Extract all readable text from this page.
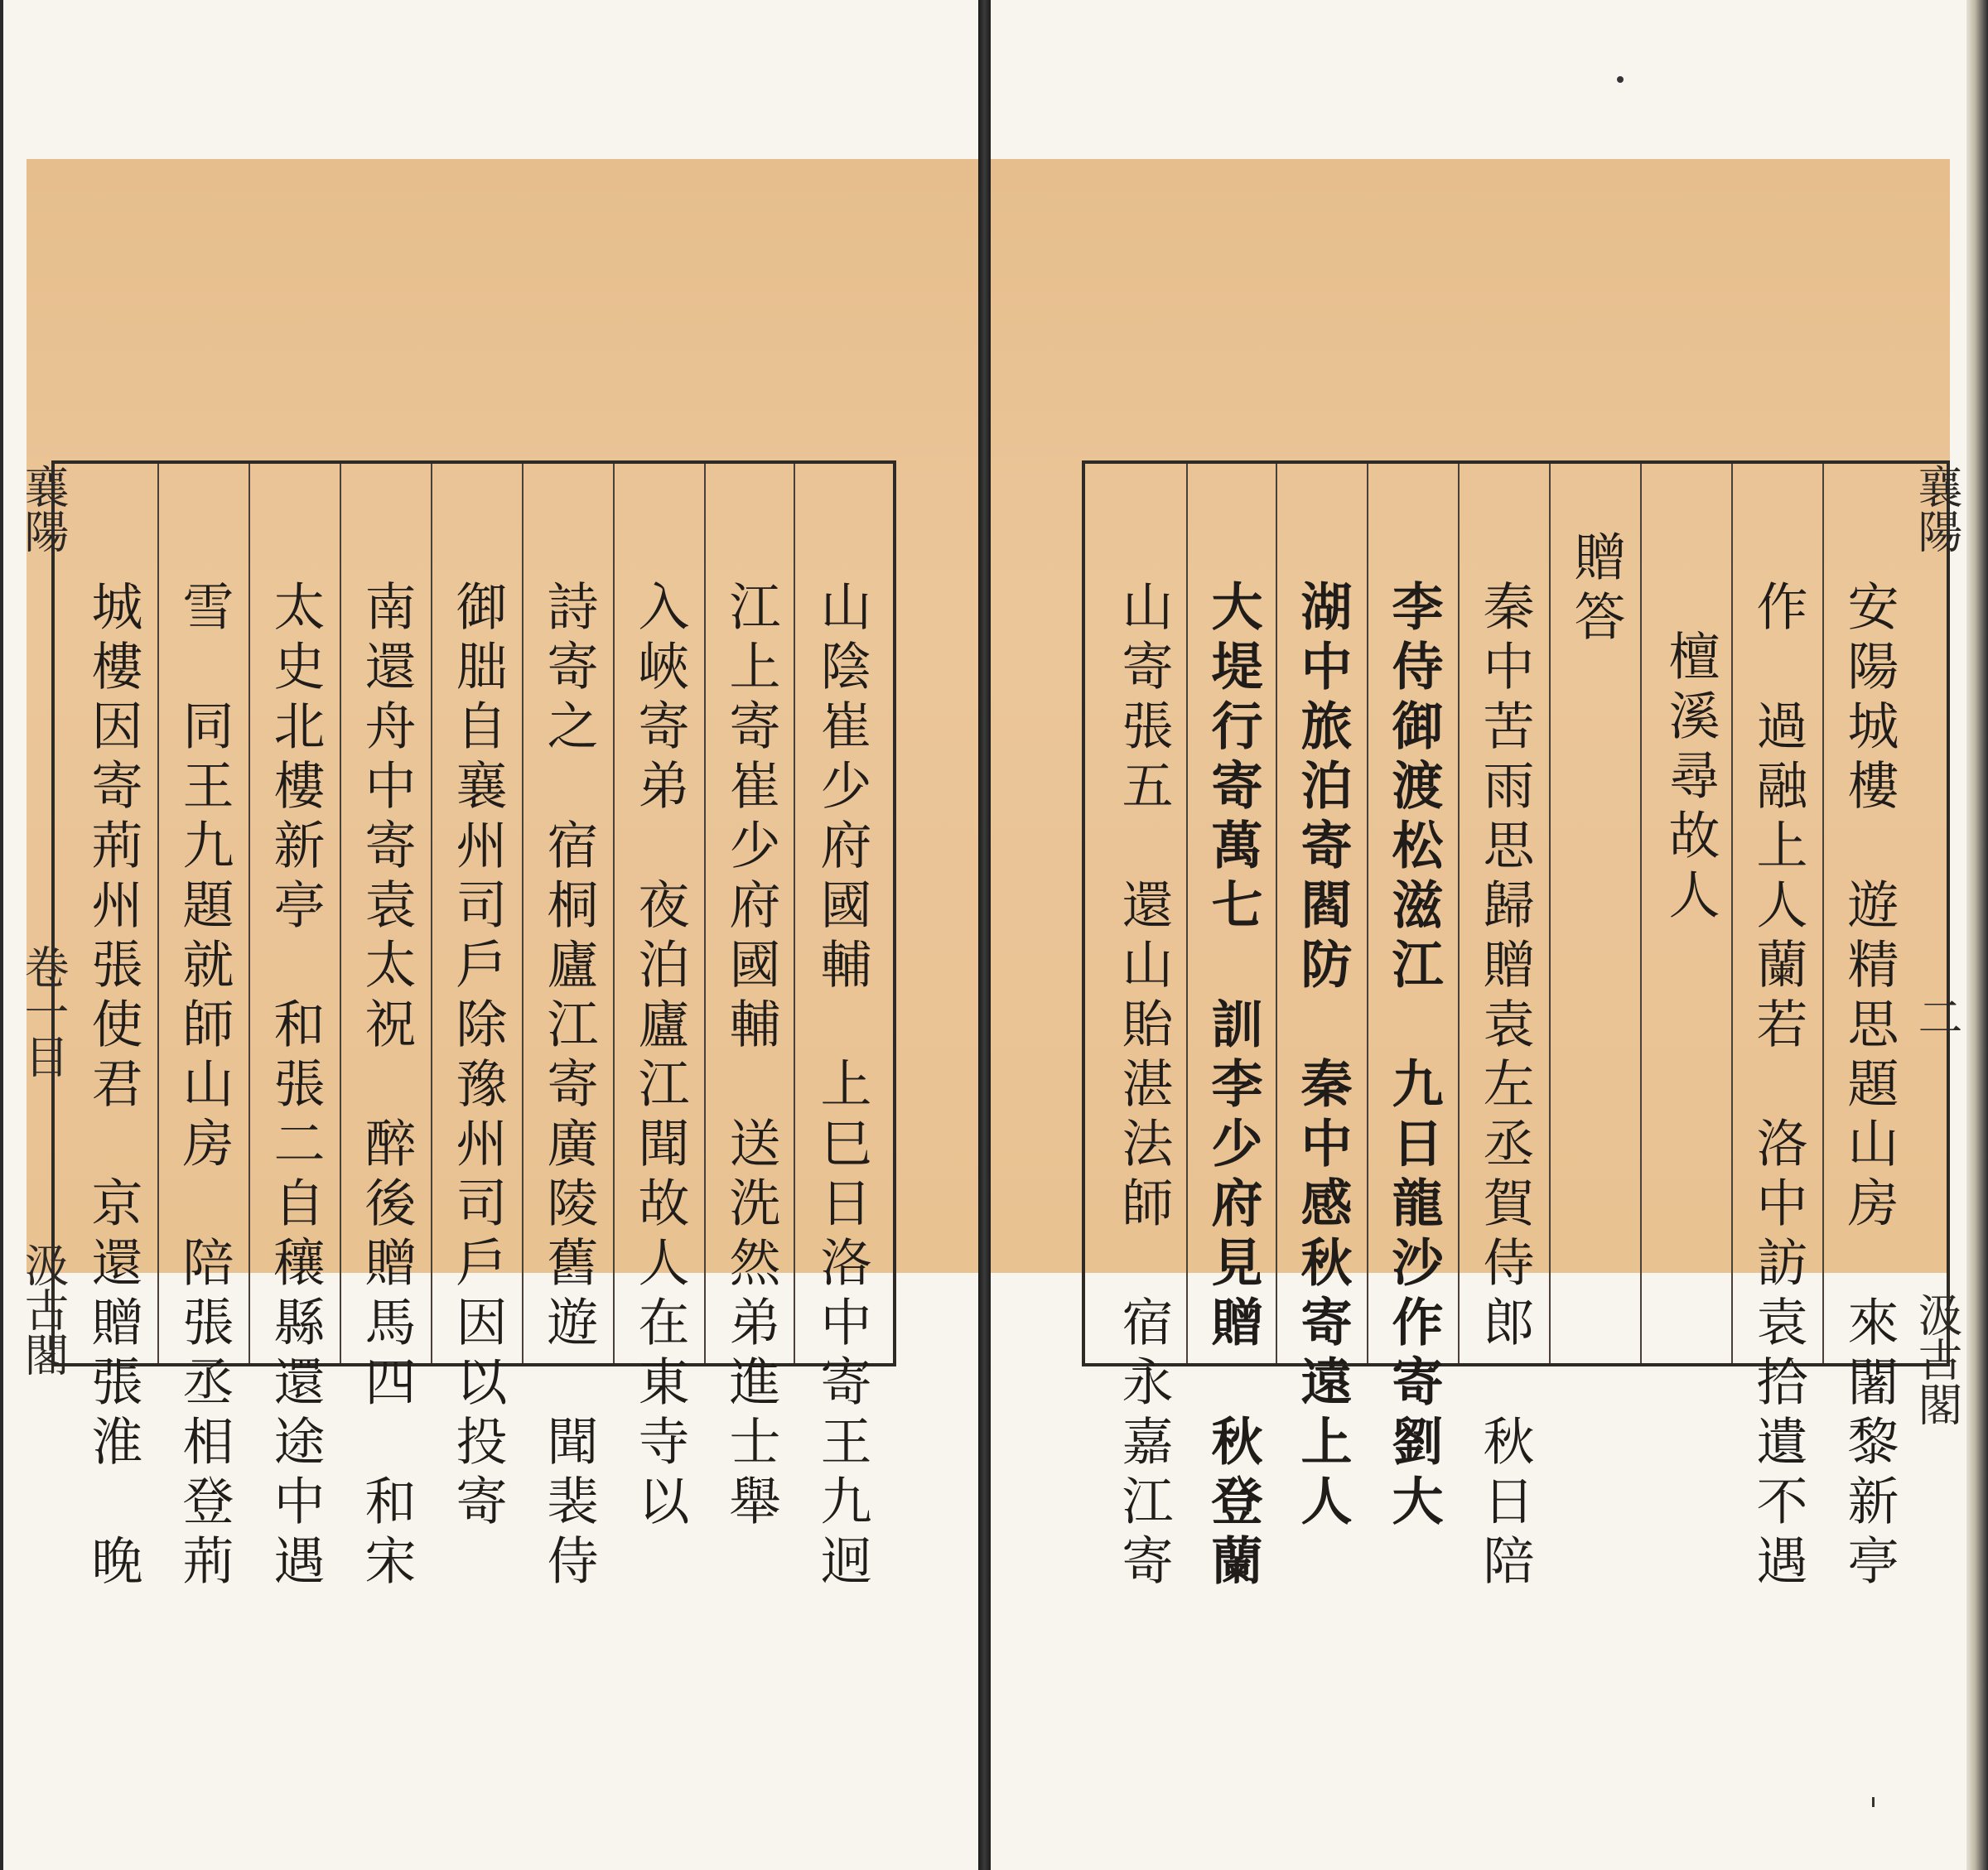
山陰崔少府國輔　上巳日洛中寄王九迥
江上寄崔少府國輔　送洗然弟進士舉
入峽寄弟　夜泊廬江聞故人在東寺以
詩寄之　宿桐廬江寄廣陵舊遊　聞裴侍
御朏自襄州司戶除豫州司戶因以投寄
南還舟中寄袁太祝　醉後贈馬四　和宋
太史北樓新亭　和張二自穰縣還途中遇
雪　同王九題就師山房　陪張丞相登荊
城樓因寄荊州張使君　京還贈張淮　晚
襄陽
卷一目
汲古閣	安陽城樓　遊精思題山房　來闍黎新亭
作　過融上人蘭若　洛中訪袁拾遺不遇
檀溪尋故人
贈答
秦中苦雨思歸贈袁左丞賀侍郎　秋日陪
李侍御渡松滋江　九日龍沙作寄劉大
湖中旅泊寄閻防　秦中感秋寄遠上人
大堤行寄萬七　訓李少府見贈　秋登蘭
山寄張五　還山貽湛法師　宿永嘉江寄
襄陽
二
汲古閣
